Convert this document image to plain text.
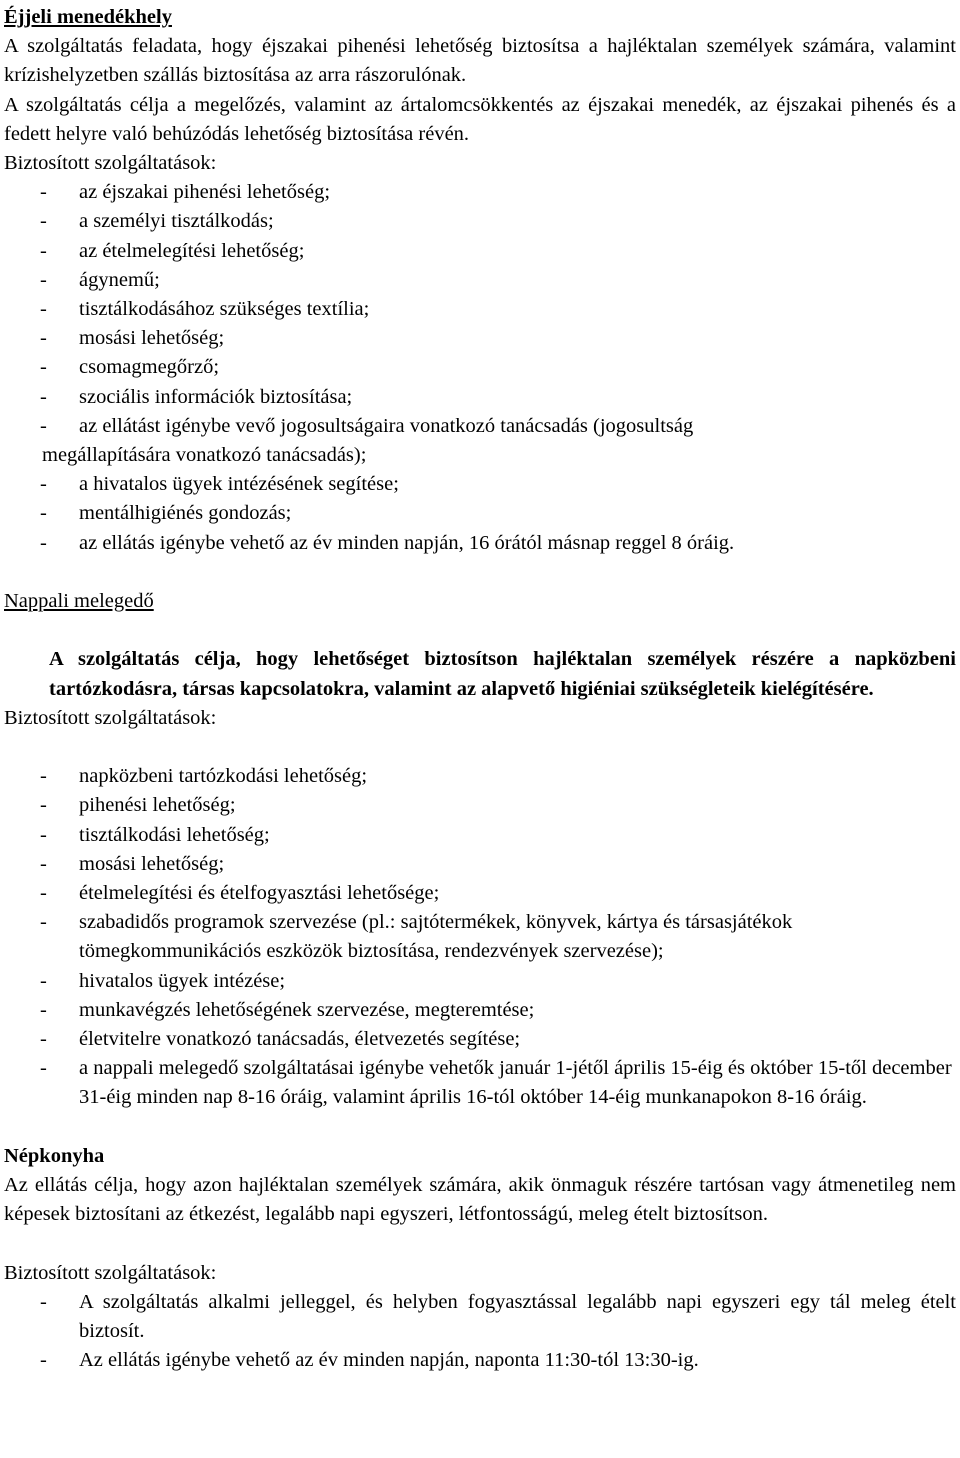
Éjjeli menedékhely

A szolgáltatás feladata, hogy éjszakai pihenési lehetőség biztosítsa a hajléktalan személyek számára, valamint krízishelyzetben szállás biztosítása az arra rászorulónak.

A szolgáltatás célja a megelőzés, valamint az ártalomcsökkentés az éjszakai menedék, az éjszakai pihenés és a fedett helyre való behúzódás lehetőség biztosítása révén.

Biztosított szolgáltatások:

- az éjszakai pihenési lehetőség;
- a személyi tisztálkodás;
- az ételmelegítési lehetőség;
- ágynemű;
- tisztálkodásához szükséges textília;
- mosási lehetőség;
- csomagmegőrző;
- szociális információk biztosítása;
- az ellátást igénybe vevő jogosultságaira vonatkozó tanácsadás (jogosultság

megállapítására vonatkozó tanácsadás);

- a hivatalos ügyek intézésének segítése;
- mentálhigiénés gondozás;
- az ellátás igénybe vehető az év minden napján, 16 órától másnap reggel 8 óráig.

Nappali melegedő

A szolgáltatás célja, hogy lehetőséget biztosítson hajléktalan személyek részére a napközbeni tartózkodásra, társas kapcsolatokra, valamint az alapvető higiéniai szükségleteik kielégítésére.

Biztosított szolgáltatások:

- napközbeni tartózkodási lehetőség;
- pihenési lehetőség;
- tisztálkodási lehetőség;
- mosási lehetőség;
- ételmelegítési és ételfogyasztási lehetősége;
- szabadidős programok szervezése (pl.: sajtótermékek, könyvek, kártya és társasjátékok tömegkommunikációs eszközök biztosítása, rendezvények szervezése);
- hivatalos ügyek intézése;
- munkavégzés lehetőségének szervezése, megteremtése;
- életvitelre vonatkozó tanácsadás, életvezetés segítése;
- a nappali melegedő szolgáltatásai igénybe vehetők január 1-jétől április 15-éig és október 15-től december 31-éig minden nap 8-16 óráig, valamint április 16-tól október 14-éig munkanapokon 8-16 óráig.

Népkonyha

Az ellátás célja, hogy azon hajléktalan személyek számára, akik önmaguk részére tartósan vagy átmenetileg nem képesek biztosítani az étkezést, legalább napi egyszeri, létfontosságú, meleg ételt biztosítson.

Biztosított szolgáltatások:

- A szolgáltatás alkalmi jelleggel, és helyben fogyasztással legalább napi egyszeri egy tál meleg ételt biztosít.
- Az ellátás igénybe vehető az év minden napján, naponta 11:30-tól 13:30-ig.
